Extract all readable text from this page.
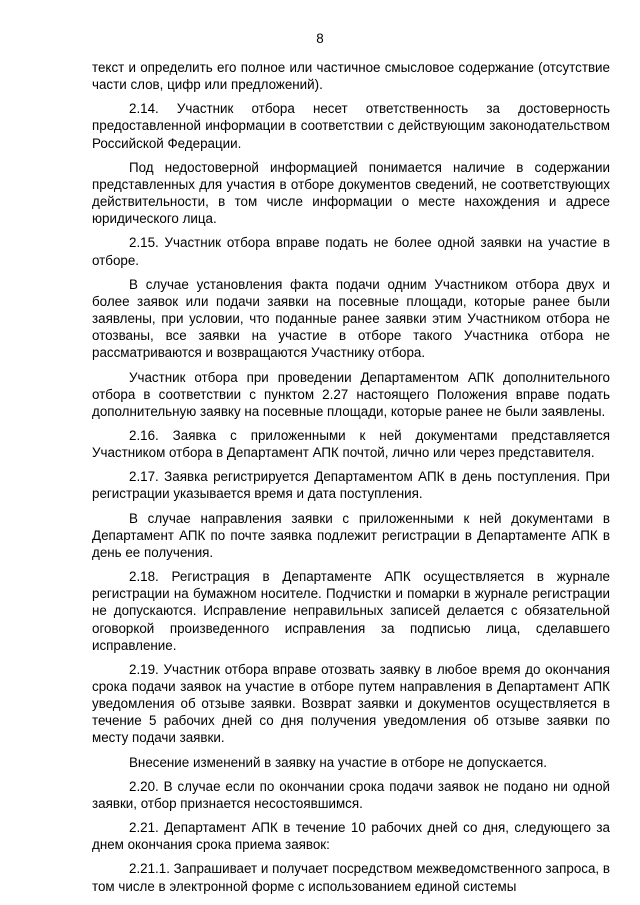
8

текст и определить его полное или частичное смысловое содержание (отсутствие части слов, цифр или предложений).

2.14. Участник отбора несет ответственность за достоверность предоставленной информации в соответствии с действующим законодательством Российской Федерации.

Под недостоверной информацией понимается наличие в содержании представленных для участия в отборе документов сведений, не соответствующих действительности, в том числе информации о месте нахождения и адресе юридического лица.

2.15. Участник отбора вправе подать не более одной заявки на участие в отборе.

В случае установления факта подачи одним Участником отбора двух и более заявок или подачи заявки на посевные площади, которые ранее были заявлены, при условии, что поданные ранее заявки этим Участником отбора не отозваны, все заявки на участие в отборе такого Участника отбора не рассматриваются и возвращаются Участнику отбора.

Участник отбора при проведении Департаментом АПК дополнительного отбора в соответствии с пунктом 2.27 настоящего Положения вправе подать дополнительную заявку на посевные площади, которые ранее не были заявлены.

2.16. Заявка с приложенными к ней документами представляется Участником отбора в Департамент АПК почтой, лично или через представителя.

2.17. Заявка регистрируется Департаментом АПК в день поступления. При регистрации указывается время и дата поступления.

В случае направления заявки с приложенными к ней документами в Департамент АПК по почте заявка подлежит регистрации в Департаменте АПК в день ее получения.

2.18. Регистрация в Департаменте АПК осуществляется в журнале регистрации на бумажном носителе. Подчистки и помарки в журнале регистрации не допускаются. Исправление неправильных записей делается с обязательной оговоркой произведенного исправления за подписью лица, сделавшего исправление.

2.19. Участник отбора вправе отозвать заявку в любое время до окончания срока подачи заявок на участие в отборе путем направления в Департамент АПК уведомления об отзыве заявки. Возврат заявки и документов осуществляется в течение 5 рабочих дней со дня получения уведомления об отзыве заявки по месту подачи заявки.

Внесение изменений в заявку на участие в отборе не допускается.

2.20. В случае если по окончании срока подачи заявок не подано ни одной заявки, отбор признается несостоявшимся.

2.21. Департамент АПК в течение 10 рабочих дней со дня, следующего за днем окончания срока приема заявок:

2.21.1. Запрашивает и получает посредством межведомственного запроса, в том числе в электронной форме с использованием единой системы
